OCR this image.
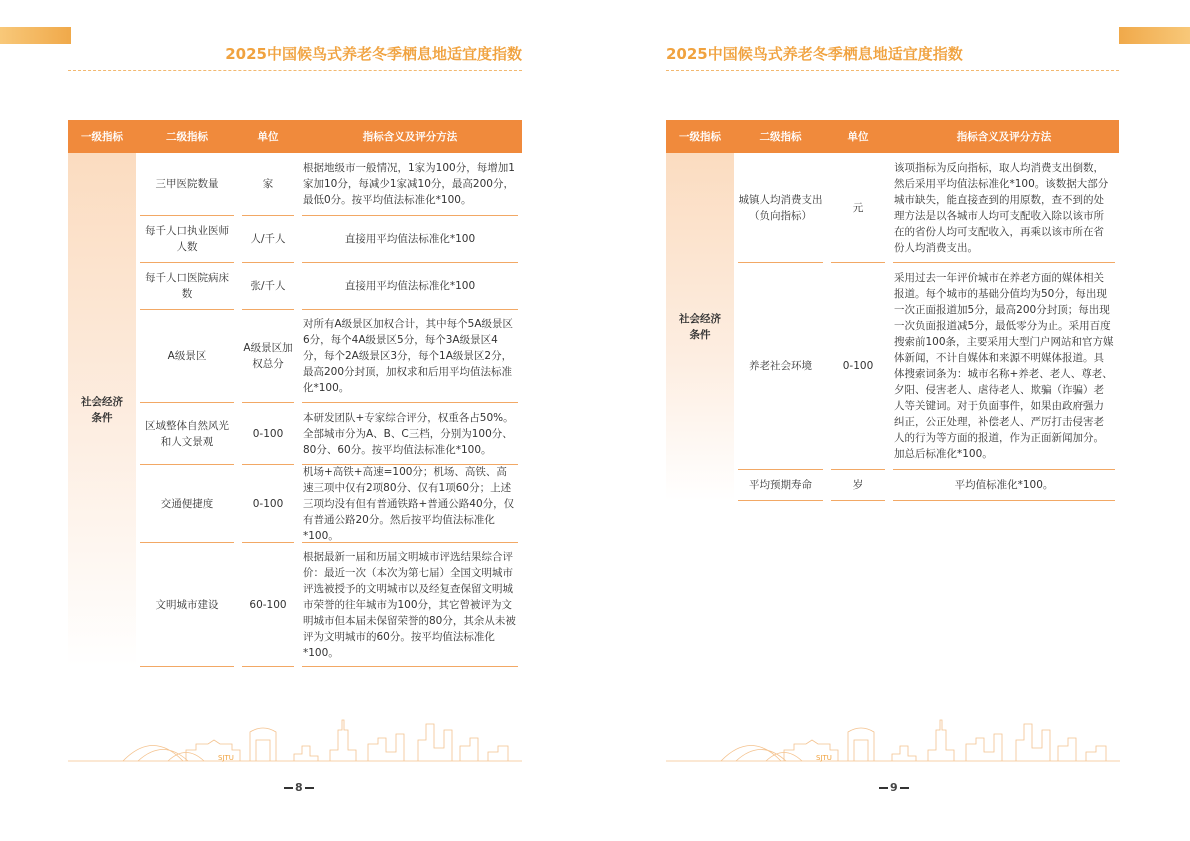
2025中国候鸟式养老冬季栖息地适宜度指数
一级指标	二级指标	单位	指标含义及评分方法
社会经济条件	三甲医院数量	家	根据地级市一般情况，1家为100分，每增加1家加10分，每减少1家减10分，最高200分，最低0分。按平均值法标准化*100。

每千人口执业医师人数	人/千人	直接用平均值法标准化*100

每千人口医院病床数	张/千人	直接用平均值法标准化*100

A级景区	A级景区加权总分	对所有A级景区加权合计，其中每个5A级景区6分，每个4A级景区5分，每个3A级景区4分，每个2A级景区3分，每个1A级景区2分，最高200分封顶，加权求和后用平均值法标准化*100。

区域整体自然风光和人文景观	0-100	本研发团队+专家综合评分，权重各占50%。全部城市分为A、B、C三档，分别为100分、80分、60分。按平均值法标准化*100。

交通便捷度	0-100	机场+高铁+高速=100分；机场、高铁、高速三项中仅有2项80分、仅有1项60分；上述三项均没有但有普通铁路+普通公路40分，仅有普通公路20分。然后按平均值法标准化*100。

文明城市建设	60-100	根据最新一届和历届文明城市评选结果综合评价：最近一次（本次为第七届）全国文明城市评选被授予的文明城市以及经复查保留文明城市荣誉的往年城市为100分，其它曾被评为文明城市但本届未保留荣誉的80分，其余从未被评为文明城市的60分。按平均值法标准化*100。
SJTU
8
2025中国候鸟式养老冬季栖息地适宜度指数
一级指标	二级指标	单位	指标含义及评分方法
社会经济条件	城镇人均消费支出（负向指标）	元	该项指标为反向指标，取人均消费支出倒数，然后采用平均值法标准化*100。该数据大部分城市缺失，能直接查到的用原数，查不到的处理方法是以各城市人均可支配收入除以该市所在的省份人均可支配收入，再乘以该市所在省份人均消费支出。

养老社会环境	0-100	采用过去一年评价城市在养老方面的媒体相关报道。每个城市的基础分值均为50分，每出现一次正面报道加5分，最高200分封顶；每出现一次负面报道减5分，最低零分为止。采用百度搜索前100条，主要采用大型门户网站和官方媒体新闻，不计自媒体和来源不明媒体报道。具体搜索词条为：城市名称+养老、老人、尊老、夕阳、侵害老人、虐待老人、欺骗（诈骗）老人等关键词。对于负面事件，如果由政府强力纠正，公正处理，补偿老人、严厉打击侵害老人的行为等方面的报道，作为正面新闻加分。加总后标准化*100。

平均预期寿命	岁	平均值标准化*100。
9
SJTU
